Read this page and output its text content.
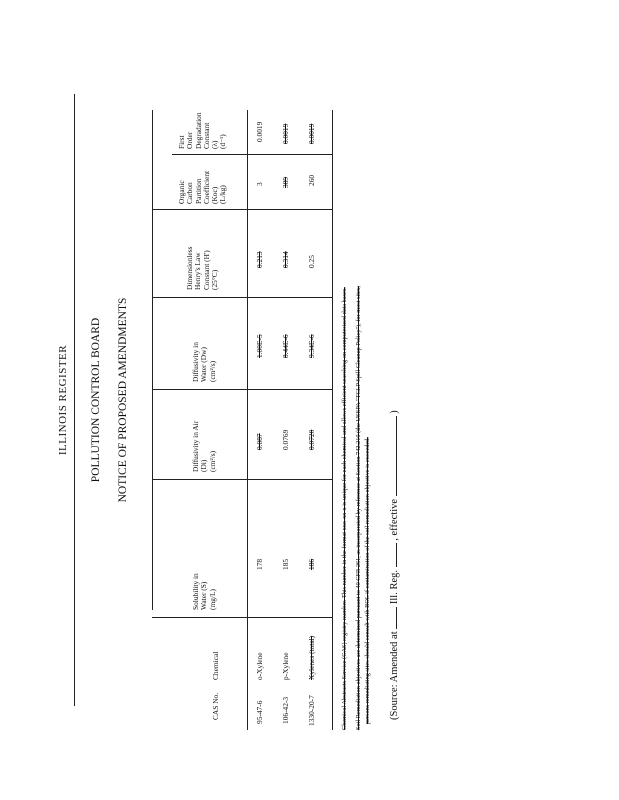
ILLINOIS REGISTER POLLUTION CONTROL BOARD NOTICE OF PROPOSED AMENDMENTS
CAS No.
Chemical
Solubility in Water (S) (mg/L)
Diffusivity in Air (Di) (cm²/s)
Diffusivity in Water (Dw) (cm²/s)
Dimensionless Henry's Law Constant (H') (25°C)
Organic Carbon Partition Coefficient (Koc) (L/kg)
First Order Degradation Constant (λ) (d⁻¹)
95-47-6
o-Xylene
178
0.087
1.00E-5
0.213
3
0.0019
106-42-3
p-Xylene
185
0.0769
8.44E-6
0.314
389
0.0019
1330-20-7
Xylenes (total)
186
0.0720
9.34E-6
0.25
260
0.0019
Chemical Abstracts Service (CAS) registry number. This number in the format xxx-xx-x is unique for each chemical and allows efficient searching on computerized data bases. Soil Remediation objectives are determined pursuant to 40 CFR 261, as incorporated by reference at Section 742.210 (the USEPA "TCLP Spill Cleanup Policy"), for most sites; persons remediating sites should consult with BOL if contamination of the soil remediation objective is exceeded. (Source: Amended at  Ill. Reg.  , effective  )
